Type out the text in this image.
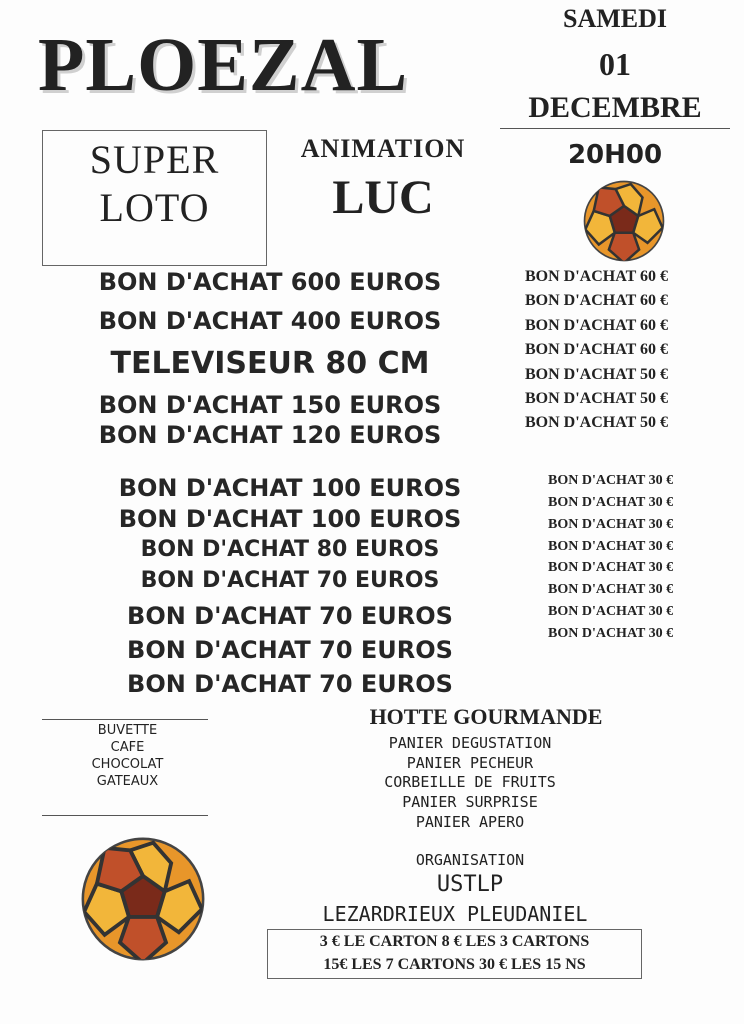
PLOEZAL
SAMEDI
01
DECEMBRE
20H00
SUPER
LOTO
ANIMATION
LUC
BON D'ACHAT 600 EUROS
BON D'ACHAT 400 EUROS
TELEVISEUR 80 CM
BON D'ACHAT 150 EUROS
BON D'ACHAT 120 EUROS
BON D'ACHAT 100 EUROS
BON D'ACHAT 100 EUROS
BON D'ACHAT 80 EUROS
BON D'ACHAT 70 EUROS
BON D'ACHAT 70 EUROS
BON D'ACHAT 70 EUROS
BON D'ACHAT 70 EUROS
BON D'ACHAT 60 €
BON D'ACHAT 60 €
BON D'ACHAT 60 €
BON D'ACHAT 60 €
BON D'ACHAT 50 €
BON D'ACHAT 50 €
BON D'ACHAT 50 €
BON D'ACHAT 30 €
BON D'ACHAT 30 €
BON D'ACHAT 30 €
BON D'ACHAT 30 €
BON D'ACHAT 30 €
BON D'ACHAT 30 €
BON D'ACHAT 30 €
BON D'ACHAT 30 €
BUVETTE
CAFE
CHOCOLAT
GATEAUX
HOTTE GOURMANDE
PANIER DEGUSTATION
PANIER PECHEUR
CORBEILLE DE FRUITS
PANIER SURPRISE
PANIER APERO
ORGANISATION
USTLP
LEZARDRIEUX PLEUDANIEL
3 € LE CARTON 8 € LES 3 CARTONS
15€ LES 7 CARTONS 30 € LES 15 NS
